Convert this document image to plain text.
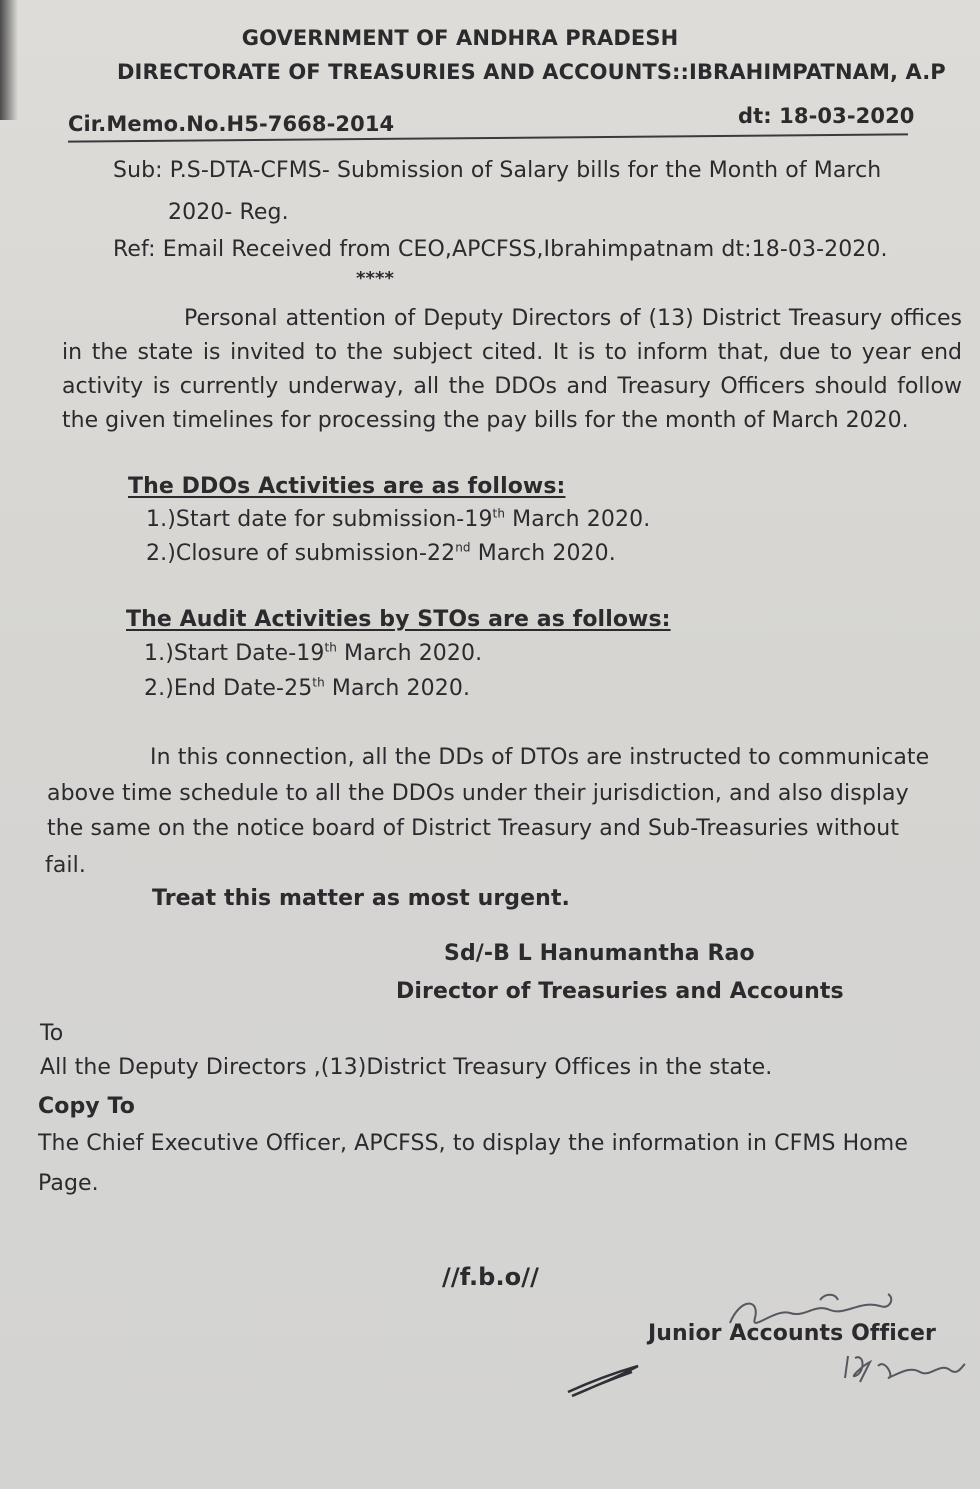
GOVERNMENT OF ANDHRA PRADESH
DIRECTORATE OF TREASURIES AND ACCOUNTS::IBRAHIMPATNAM, A.P
Cir.Memo.No.H5-7668-2014	dt: 18-03-2020
Sub: P.S-DTA-CFMS- Submission of Salary bills for the Month of March
2020- Reg.
Ref: Email Received from CEO,APCFSS,Ibrahimpatnam dt:18-03-2020.
****
Personal attention of Deputy Directors of (13) District Treasury offices in the state is invited to the subject cited. It is to inform that, due to year end activity is currently underway, all the DDOs and Treasury Officers should follow the given timelines for processing the pay bills for the month of March 2020.
The DDOs Activities are as follows:
1.)Start date for submission-19th March 2020.
2.)Closure of submission-22nd March 2020.
The Audit Activities by STOs are as follows:
1.)Start Date-19th March 2020.
2.)End Date-25th March 2020.
In this connection, all the DDs of DTOs are instructed to communicate
above time schedule to all the DDOs under their jurisdiction, and also display
the same on the notice board of District Treasury and Sub-Treasuries without
fail.
Treat this matter as most urgent.
Sd/-B L Hanumantha Rao
Director of Treasuries and Accounts
To
All the Deputy Directors ,(13)District Treasury Offices in the state.
Copy To
The Chief Executive Officer, APCFSS, to display the information in CFMS Home
Page.
//f.b.o//
Junior Accounts Officer
